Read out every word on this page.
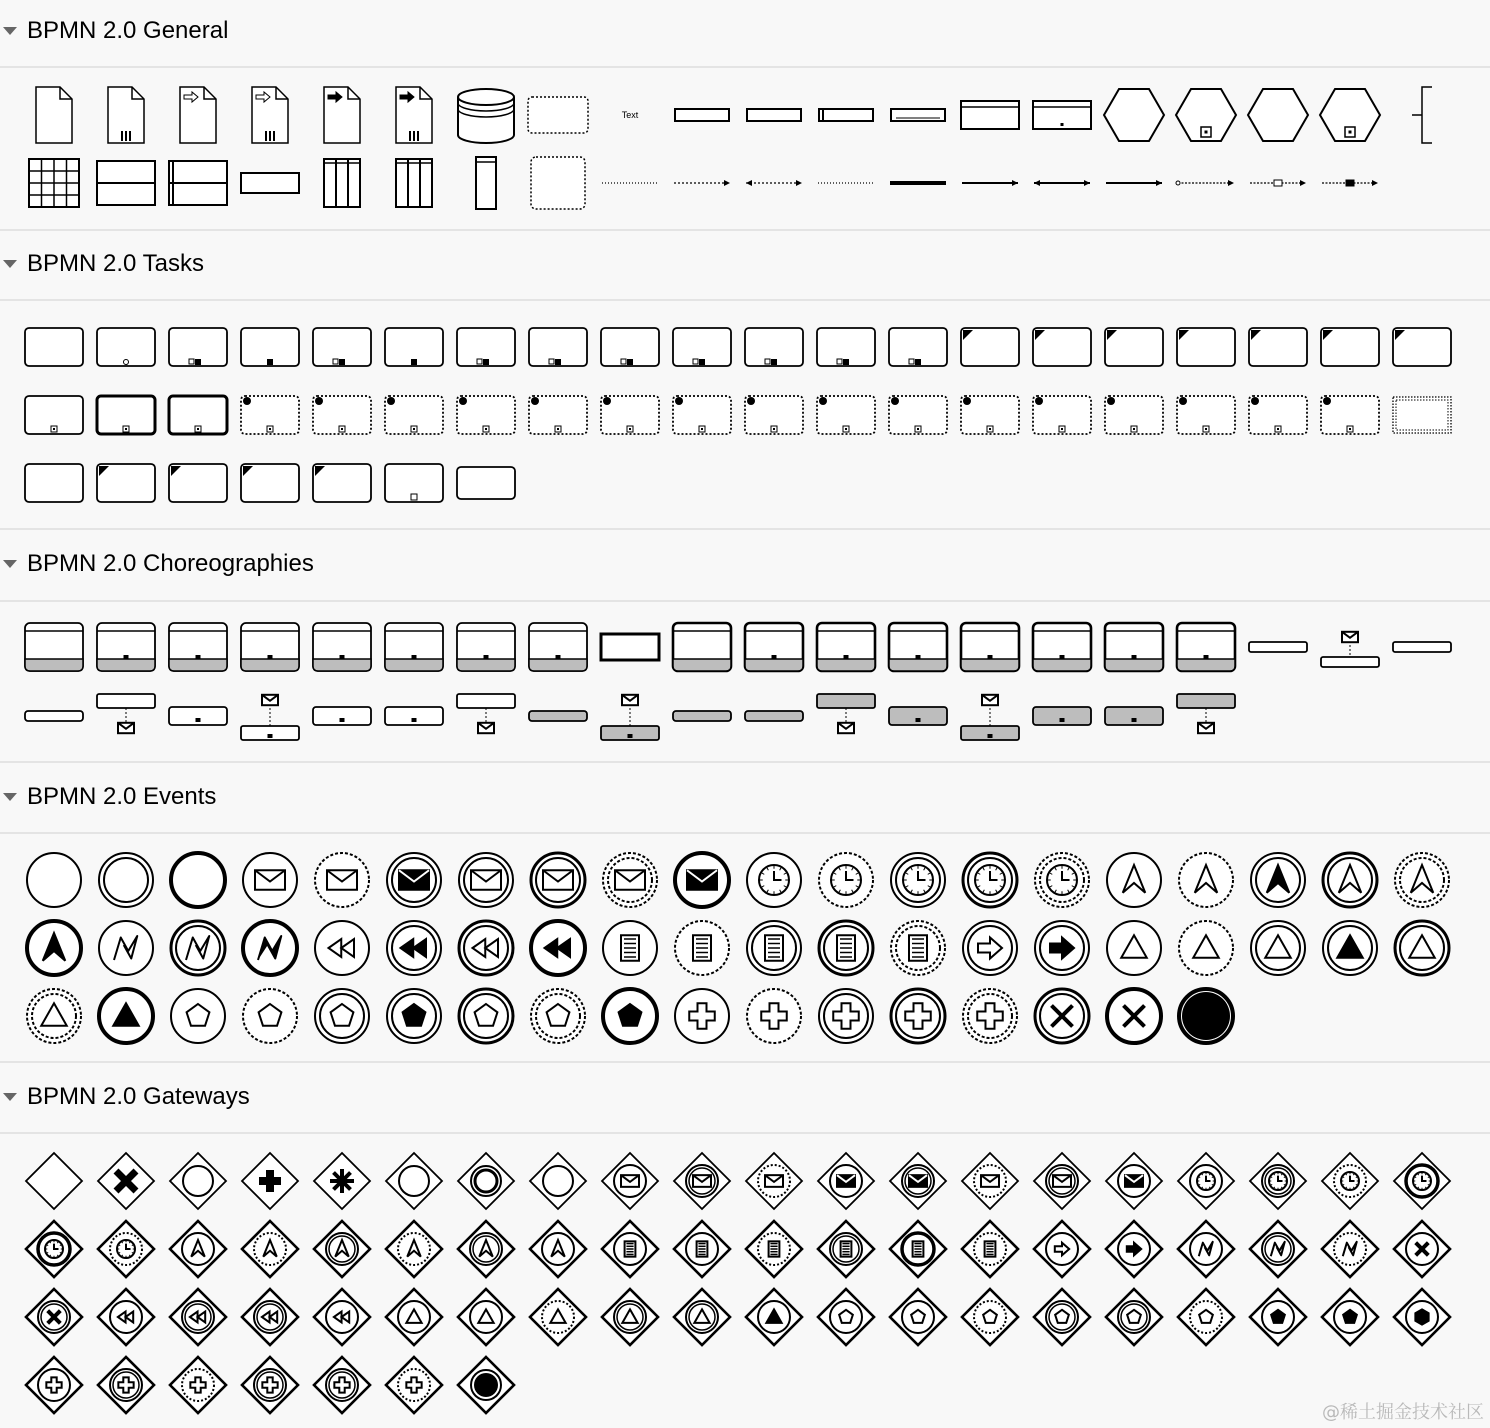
BPMN 2.0 General
BPMN 2.0 Tasks
BPMN 2.0 Choreographies
BPMN 2.0 Events
BPMN 2.0 Gateways
Text
@稀土掘金技术社区
